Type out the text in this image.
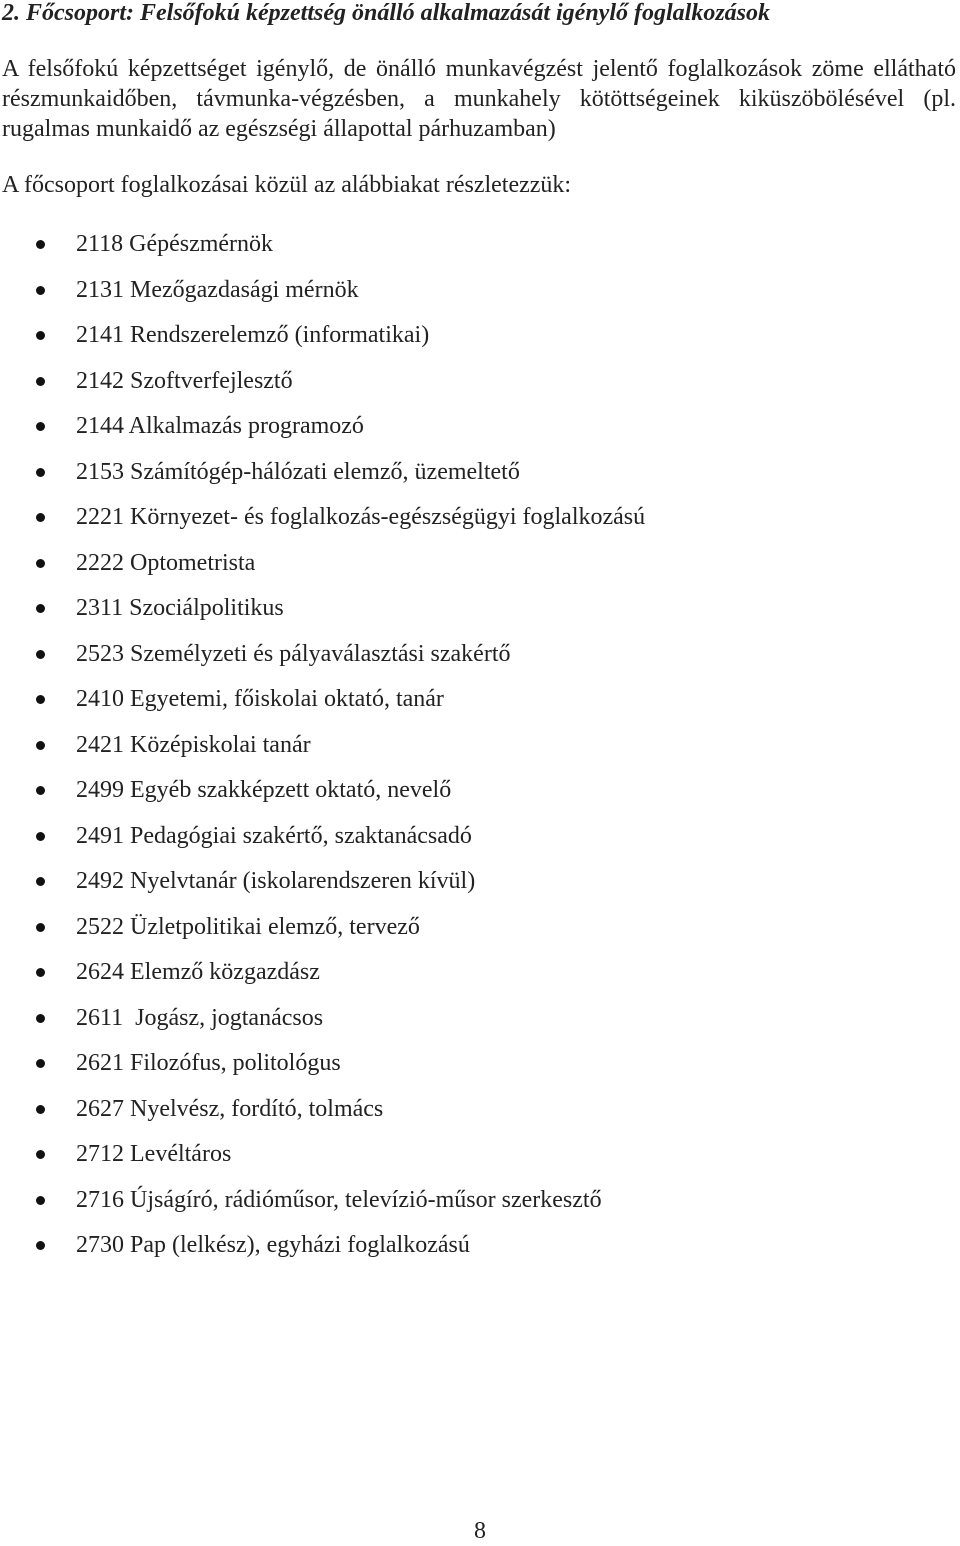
2. Főcsoport: Felsőfokú képzettség önálló alkalmazását igénylő foglalkozások

A felsőfokú képzettséget igénylő, de önálló munkavégzést jelentő foglalkozások zöme ellátható részmunkaidőben, távmunka-végzésben, a munkahely kötöttségeinek kiküszöbölésével (pl. rugalmas munkaidő az egészségi állapottal párhuzamban)

A főcsoport foglalkozásai közül az alábbiakat részletezzük:

2118 Gépészmérnök
2131 Mezőgazdasági mérnök
2141 Rendszerelemző (informatikai)
2142 Szoftverfejlesztő
2144 Alkalmazás programozó
2153 Számítógép-hálózati elemző, üzemeltető
2221 Környezet- és foglalkozás-egészségügyi foglalkozású
2222 Optometrista
2311 Szociálpolitikus
2523 Személyzeti és pályaválasztási szakértő
2410 Egyetemi, főiskolai oktató, tanár
2421 Középiskolai tanár
2499 Egyéb szakképzett oktató, nevelő
2491 Pedagógiai szakértő, szaktanácsadó
2492 Nyelvtanár (iskolarendszeren kívül)
2522 Üzletpolitikai elemző, tervező
2624 Elemző közgazdász
2611  Jogász, jogtanácsos
2621 Filozófus, politológus
2627 Nyelvész, fordító, tolmács
2712 Levéltáros
2716 Újságíró, rádióműsor, televízió-műsor szerkesztő
2730 Pap (lelkész), egyházi foglalkozású

8
